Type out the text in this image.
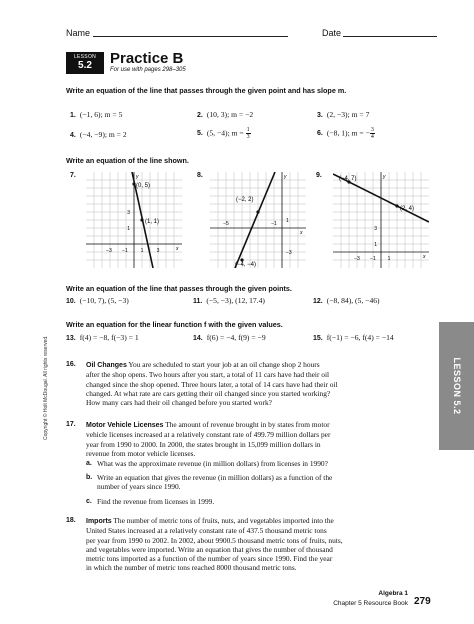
Name	Date
LESSON
5.2	Practice B
For use with pages 298–305
Write an equation of the line that passes through the given point and has slope m.
1. (−1, 6); m = 5	2. (10, 3); m = −2	3. (2, −3); m = 7
4. (−4, −9); m = 2	5. (5, −4); $m = \frac{1}{3}$	6. (−8, 1); m = − $\frac{3}{4}$
Write an equation of the line shown.
7.
(0, 5)
(1, 1)
−3 −1	1	3
3
1
x
y	8.
(−2, 2)
(−4, −4)
−5	−1 1
−3
x
y	9.	(−4, 7)
(2, 4)
−3 −1 1
3
1
x
y
Write an equation of the line that passes through the given points.
10. (−10, 7), (5, −3)	11. (−5, −3), (12, 17.4)	12. (−8, 84), (5, −46)
Write an equation for the linear function f with the given values.
13. f(4) = −8, f(−3) = 1	14. f(6) = −4, f(9) = −9	15. f(−1) = −6, f(4) = −14
16. Oil Changes You are scheduled to start your job at an oil change shop 2 hours
after the shop opens. Two hours after you start, a total of 11 cars have had their oil
changed since the shop opened. Three hours later, a total of 14 cars have had their oil
changed. At what rate are cars getting their oil changed since you started working?
How many cars had their oil changed before you started work?
17. Motor Vehicle Licenses The amount of revenue brought in by states from motor
vehicle licenses increased at a relatively constant rate of 499.79 million dollars per
year from 1990 to 2000. In 2000, the states brought in 15,099 million dollars in
revenue from motor vehicle licenses.
a. What was the approximate revenue (in million dollars) from licenses in 1990?
b. Write an equation that gives the revenue (in million dollars) as a function of the
number of years since 1990.
c. Find the revenue from licenses in 1999.
18. Imports The number of metric tons of fruits, nuts, and vegetables imported into the
United States increased at a relatively constant rate of 437.5 thousand metric tons
per year from 1990 to 2002. In 2002, about 9900.5 thousand metric tons of fruits, nuts,
and vegetables were imported. Write an equation that gives the number of thousand
metric tons imported as a function of the number of years since 1990. Find the year
in which the number of metric tons reached 8000 thousand metric tons.
LESSON 5.2
Copyright © Holt McDougal. All rights reserved.
Algebra 1
Chapter 5 Resource Book 279
